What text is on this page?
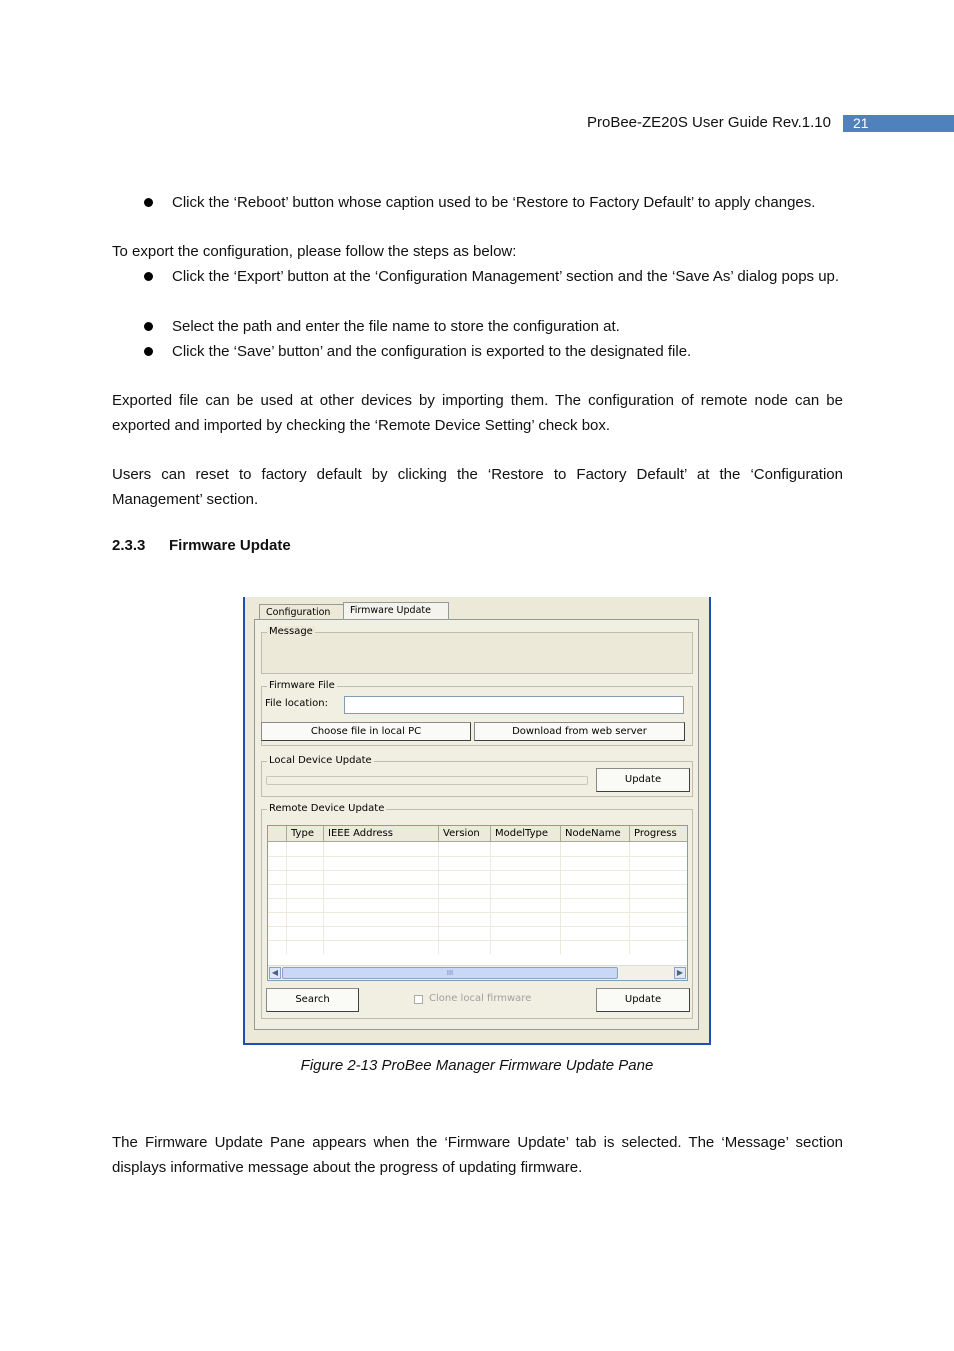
ProBee-ZE20S User Guide Rev.1.10	21
Click the ‘Reboot’ button whose caption used to be ‘Restore to Factory Default’ to apply changes.

To export the configuration, please follow the steps as below:

Click the ‘Export’ button at the ‘Configuration Management’ section and the ‘Save As’ dialog pops up.
Select the path and enter the file name to store the configuration at.
Click the ‘Save’ button’ and the configuration is exported to the designated file.

Exported file can be used at other devices by importing them. The configuration of remote node can be exported and imported by checking the ‘Remote Device Setting’ check box.

Users can reset to factory default by clicking the ‘Restore to Factory Default’ at the ‘Configuration Management’ section.

2.3.3 Firmware Update
Configuration	Firmware Update
Message
Firmware File
File location:
Choose file in local PC	Download from web server
Local Device Update
Update
Remote Device Update
Type	IEEE Address	Version	ModelType	NodeName	Progress
◀	III	▶
Search	Clone local firmware	Update
Figure 2-13 ProBee Manager Firmware Update Pane

The Firmware Update Pane appears when the ‘Firmware Update’ tab is selected. The ‘Message’ section displays informative message about the progress of updating firmware.
